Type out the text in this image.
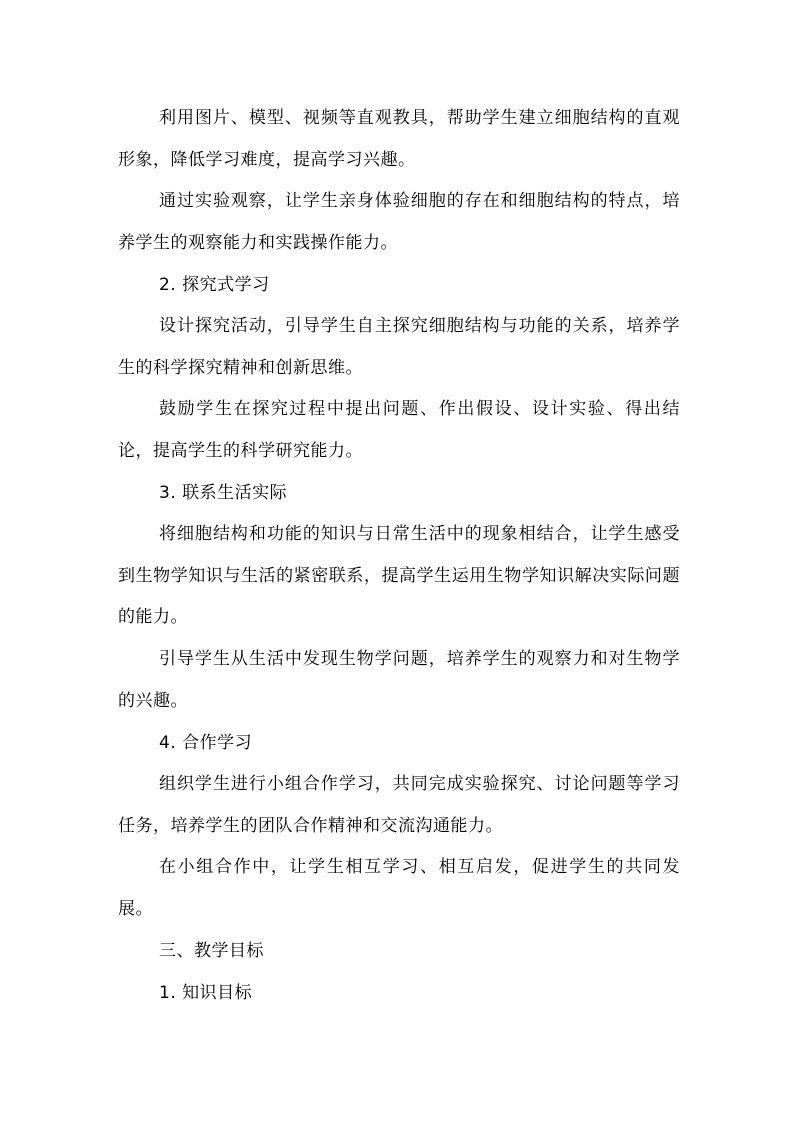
利用图片、模型、视频等直观教具，帮助学生建立细胞结构的直观形象，降低学习难度，提高学习兴趣。

通过实验观察，让学生亲身体验细胞的存在和细胞结构的特点，培养学生的观察能力和实践操作能力。

2. 探究式学习

设计探究活动，引导学生自主探究细胞结构与功能的关系，培养学生的科学探究精神和创新思维。

鼓励学生在探究过程中提出问题、作出假设、设计实验、得出结论，提高学生的科学研究能力。

3. 联系生活实际

将细胞结构和功能的知识与日常生活中的现象相结合，让学生感受到生物学知识与生活的紧密联系，提高学生运用生物学知识解决实际问题的能力。

引导学生从生活中发现生物学问题，培养学生的观察力和对生物学的兴趣。

4. 合作学习

组织学生进行小组合作学习，共同完成实验探究、讨论问题等学习任务，培养学生的团队合作精神和交流沟通能力。

在小组合作中，让学生相互学习、相互启发，促进学生的共同发展。

三、教学目标

1. 知识目标
